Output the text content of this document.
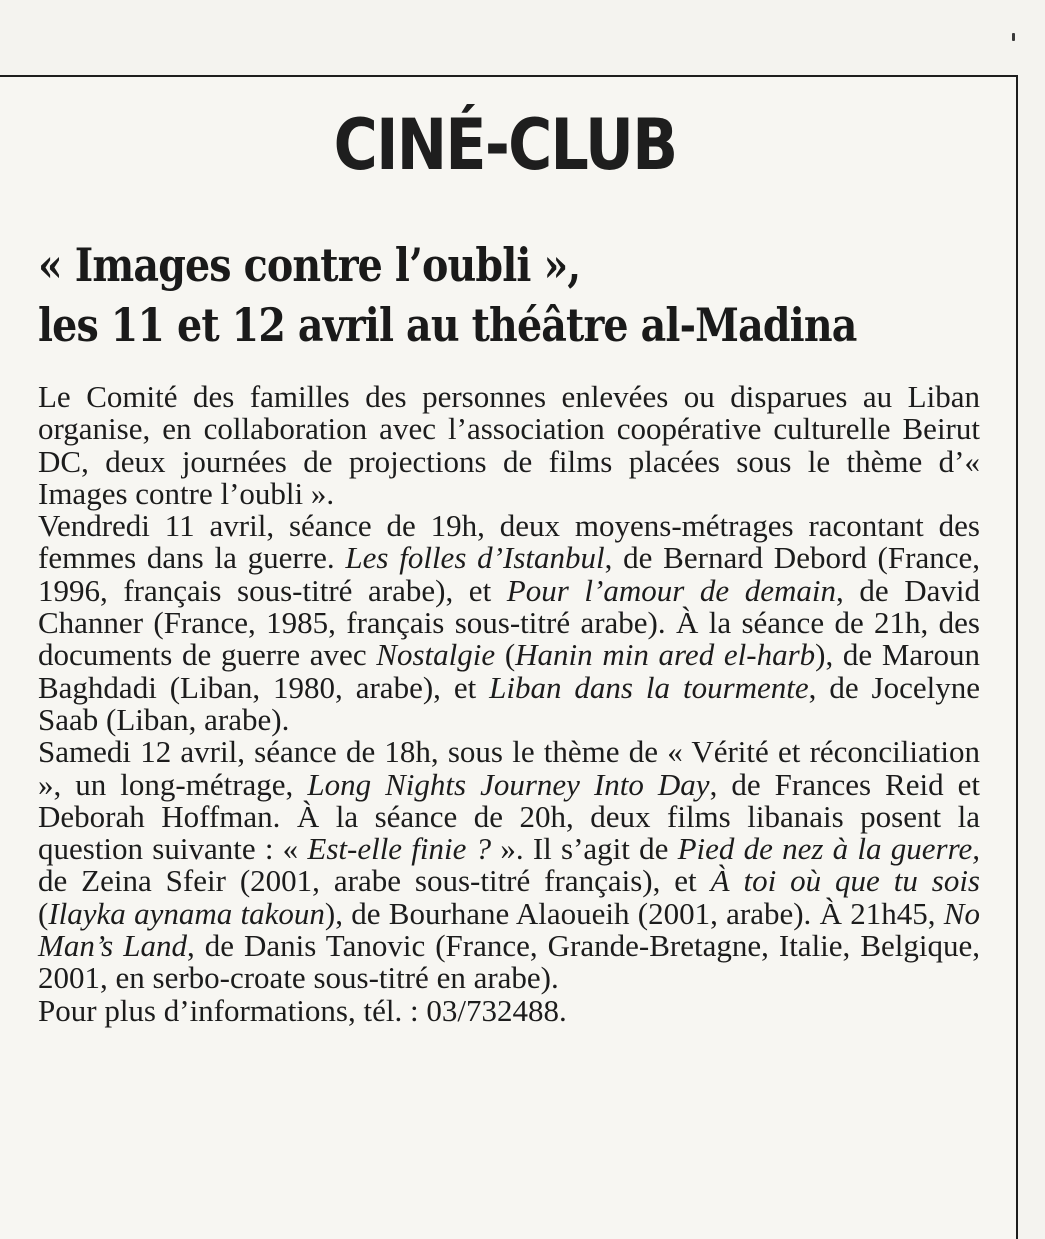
CINÉ-CLUB
« Images contre l’oubli »,
les 11 et 12 avril au théâtre al-Madina

Le Comité des familles des personnes enlevées ou disparues au Liban organise, en collaboration avec l’association coopérative culturelle Beirut DC, deux journées de projections de films placées sous le thème d’« Images contre l’oubli ».

Vendredi 11 avril, séance de 19h, deux moyens-métrages racontant des femmes dans la guerre. Les folles d’Istanbul, de Bernard Debord (France, 1996, français sous-titré arabe), et Pour l’amour de demain, de David Channer (France, 1985, français sous-titré arabe). À la séance de 21h, des documents de guerre avec Nostalgie (Hanin min ared el-harb), de Maroun Baghdadi (Liban, 1980, arabe), et Liban dans la tourmente, de Jocelyne Saab (Liban, arabe).

Samedi 12 avril, séance de 18h, sous le thème de « Vérité et réconciliation », un long-métrage, Long Nights Journey Into Day, de Frances Reid et Deborah Hoffman. À la séance de 20h, deux films libanais posent la question suivante : « Est-elle finie ? ». Il s’agit de Pied de nez à la guerre, de Zeina Sfeir (2001, arabe sous-titré français), et À toi où que tu sois (Ilayka aynama takoun), de Bourhane Alaoueih (2001, arabe). À 21h45, No Man’s Land, de Danis Tanovic (France, Grande-Bretagne, Italie, Belgique, 2001, en serbo-croate sous-titré en arabe).

Pour plus d’informations, tél. : 03/732488.
